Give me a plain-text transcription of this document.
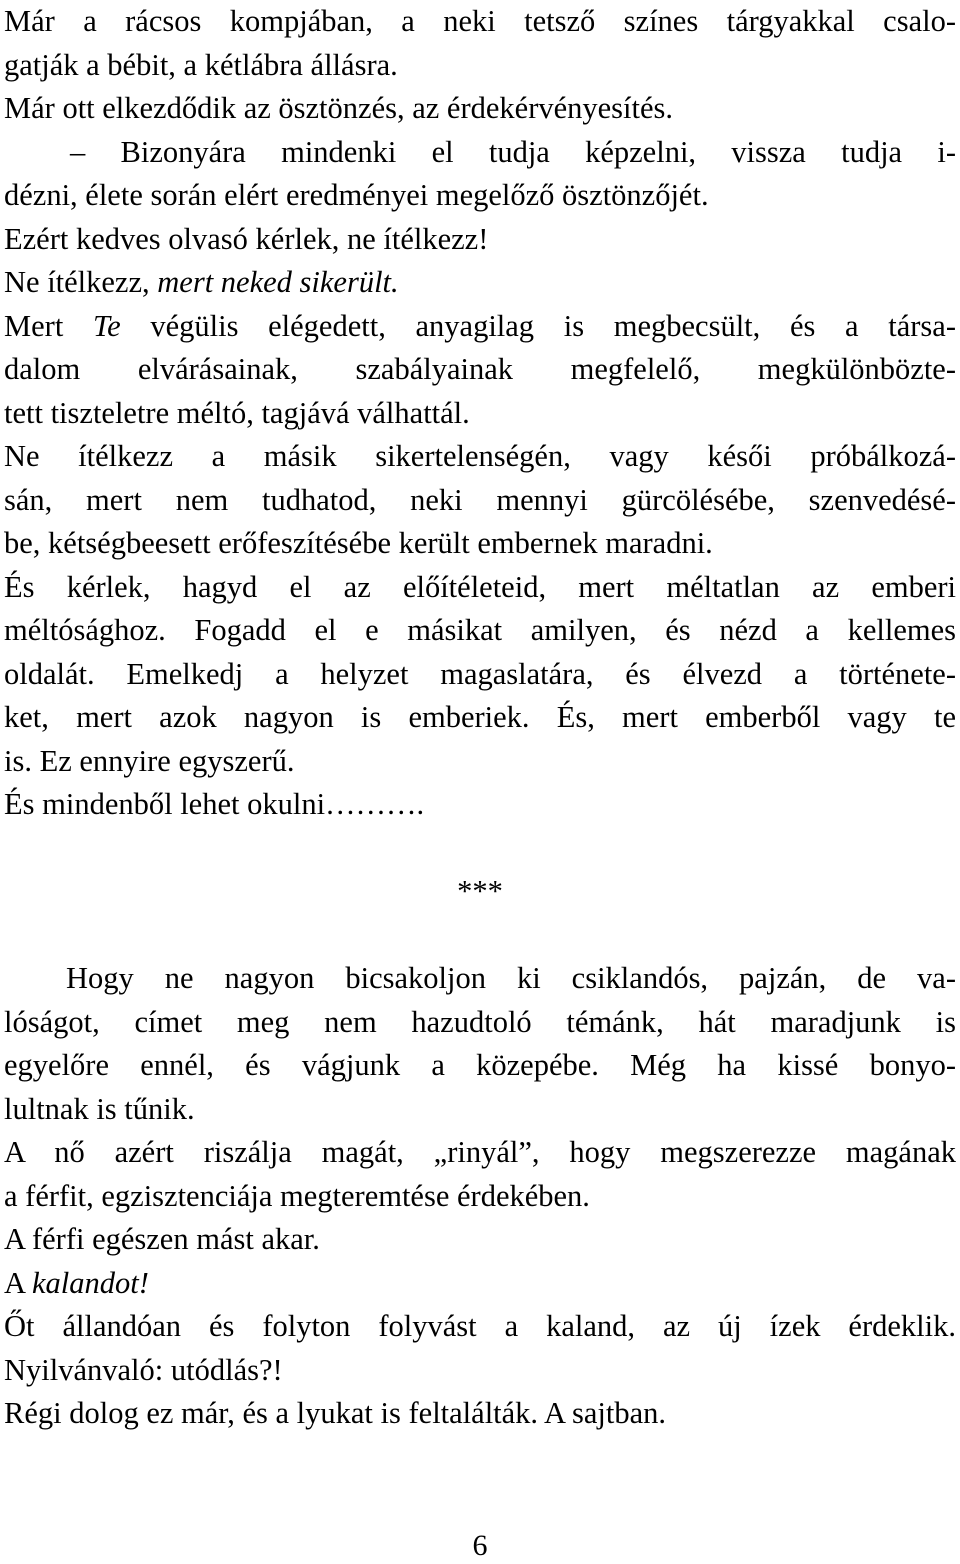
Már a rácsos kompjában, a neki tetsző színes tárgyakkal csalo-
gatják a bébit, a kétlábra állásra.
Már ott elkezdődik az ösztönzés, az érdekérvényesítés.
– Bizonyára mindenki el tudja képzelni, vissza tudja i-
dézni, élete során elért eredményei megelőző ösztönzőjét.
Ezért kedves olvasó kérlek, ne ítélkezz!
Ne ítélkezz, mert neked sikerült.
Mert Te végülis elégedett, anyagilag is megbecsült, és a társa-
dalom elvárásainak, szabályainak megfelelő, megkülönbözte-
tett tiszteletre méltó, tagjává válhattál.
Ne ítélkezz a másik sikertelenségén, vagy késői próbálkozá-
sán, mert nem tudhatod, neki mennyi gürcölésébe, szenvedésé-
be, kétségbeesett erőfeszítésébe került embernek maradni.
És kérlek, hagyd el az előítéleteid, mert méltatlan az emberi
méltósághoz. Fogadd el e másikat amilyen, és nézd a kellemes
oldalát. Emelkedj a helyzet magaslatára, és élvezd a története-
ket, mert azok nagyon is emberiek. És, mert emberből vagy te
is. Ez ennyire egyszerű.
És mindenből lehet okulni……….
***
Hogy ne nagyon bicsakoljon ki csiklandós, pajzán, de va-
lóságot, címet meg nem hazudtoló témánk, hát maradjunk is
egyelőre ennél, és vágjunk a közepébe. Még ha kissé bonyo-
lultnak is tűnik.
A nő azért riszálja magát, „rinyál”, hogy megszerezze magának
a férfit, egzisztenciája megteremtése érdekében.
A férfi egészen mást akar.
A kalandot!
Őt állandóan és folyton folyvást a kaland, az új ízek érdeklik.
Nyilvánvaló: utódlás?!
Régi dolog ez már, és a lyukat is feltalálták. A sajtban.
6
